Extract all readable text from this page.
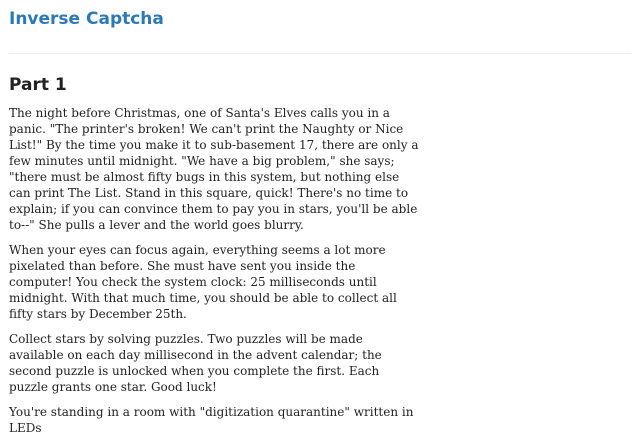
Inverse Captcha
Part 1

The night before Christmas, one of Santa's Elves calls you in a panic. "The printer's broken! We can't print the Naughty or Nice List!" By the time you make it to sub-basement 17, there are only a few minutes until midnight. "We have a big problem," she says; "there must be almost fifty bugs in this system, but nothing else can print The List. Stand in this square, quick! There's no time to explain; if you can convince them to pay you in stars, you'll be able to--" She pulls a lever and the world goes blurry.

When your eyes can focus again, everything seems a lot more pixelated than before. She must have sent you inside the computer! You check the system clock: 25 milliseconds until midnight. With that much time, you should be able to collect all fifty stars by December 25th.

Collect stars by solving puzzles. Two puzzles will be made available on each day millisecond in the advent calendar; the second puzzle is unlocked when you complete the first. Each puzzle grants one star. Good luck!

You're standing in a room with "digitization quarantine" written in LEDs
